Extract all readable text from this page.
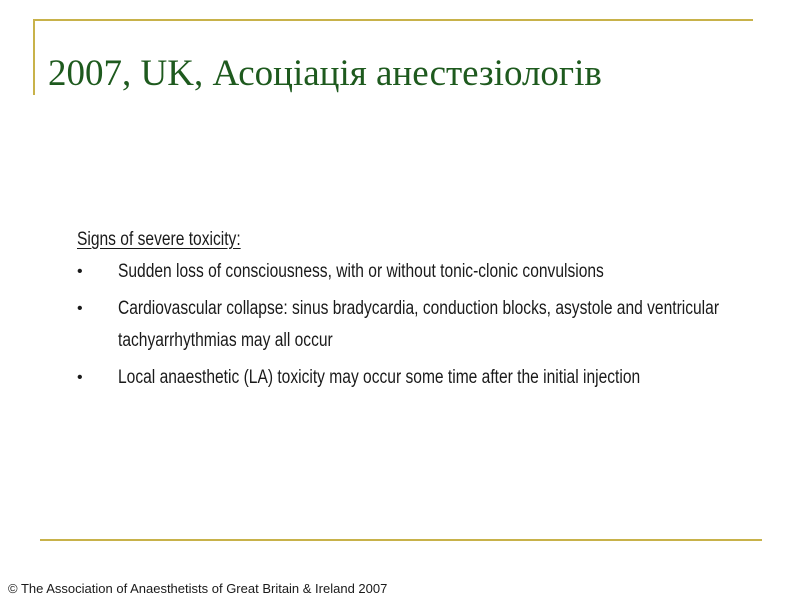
2007, UK, Асоціація анестезіологів
Signs of severe toxicity:
• Sudden loss of consciousness, with or without tonic-clonic convulsions
• Cardiovascular collapse: sinus bradycardia, conduction blocks, asystole and ventricular tachyarrhythmias may all occur
• Local anaesthetic (LA) toxicity may occur some time after the initial injection
© The Association of Anaesthetists of Great Britain & Ireland 2007
